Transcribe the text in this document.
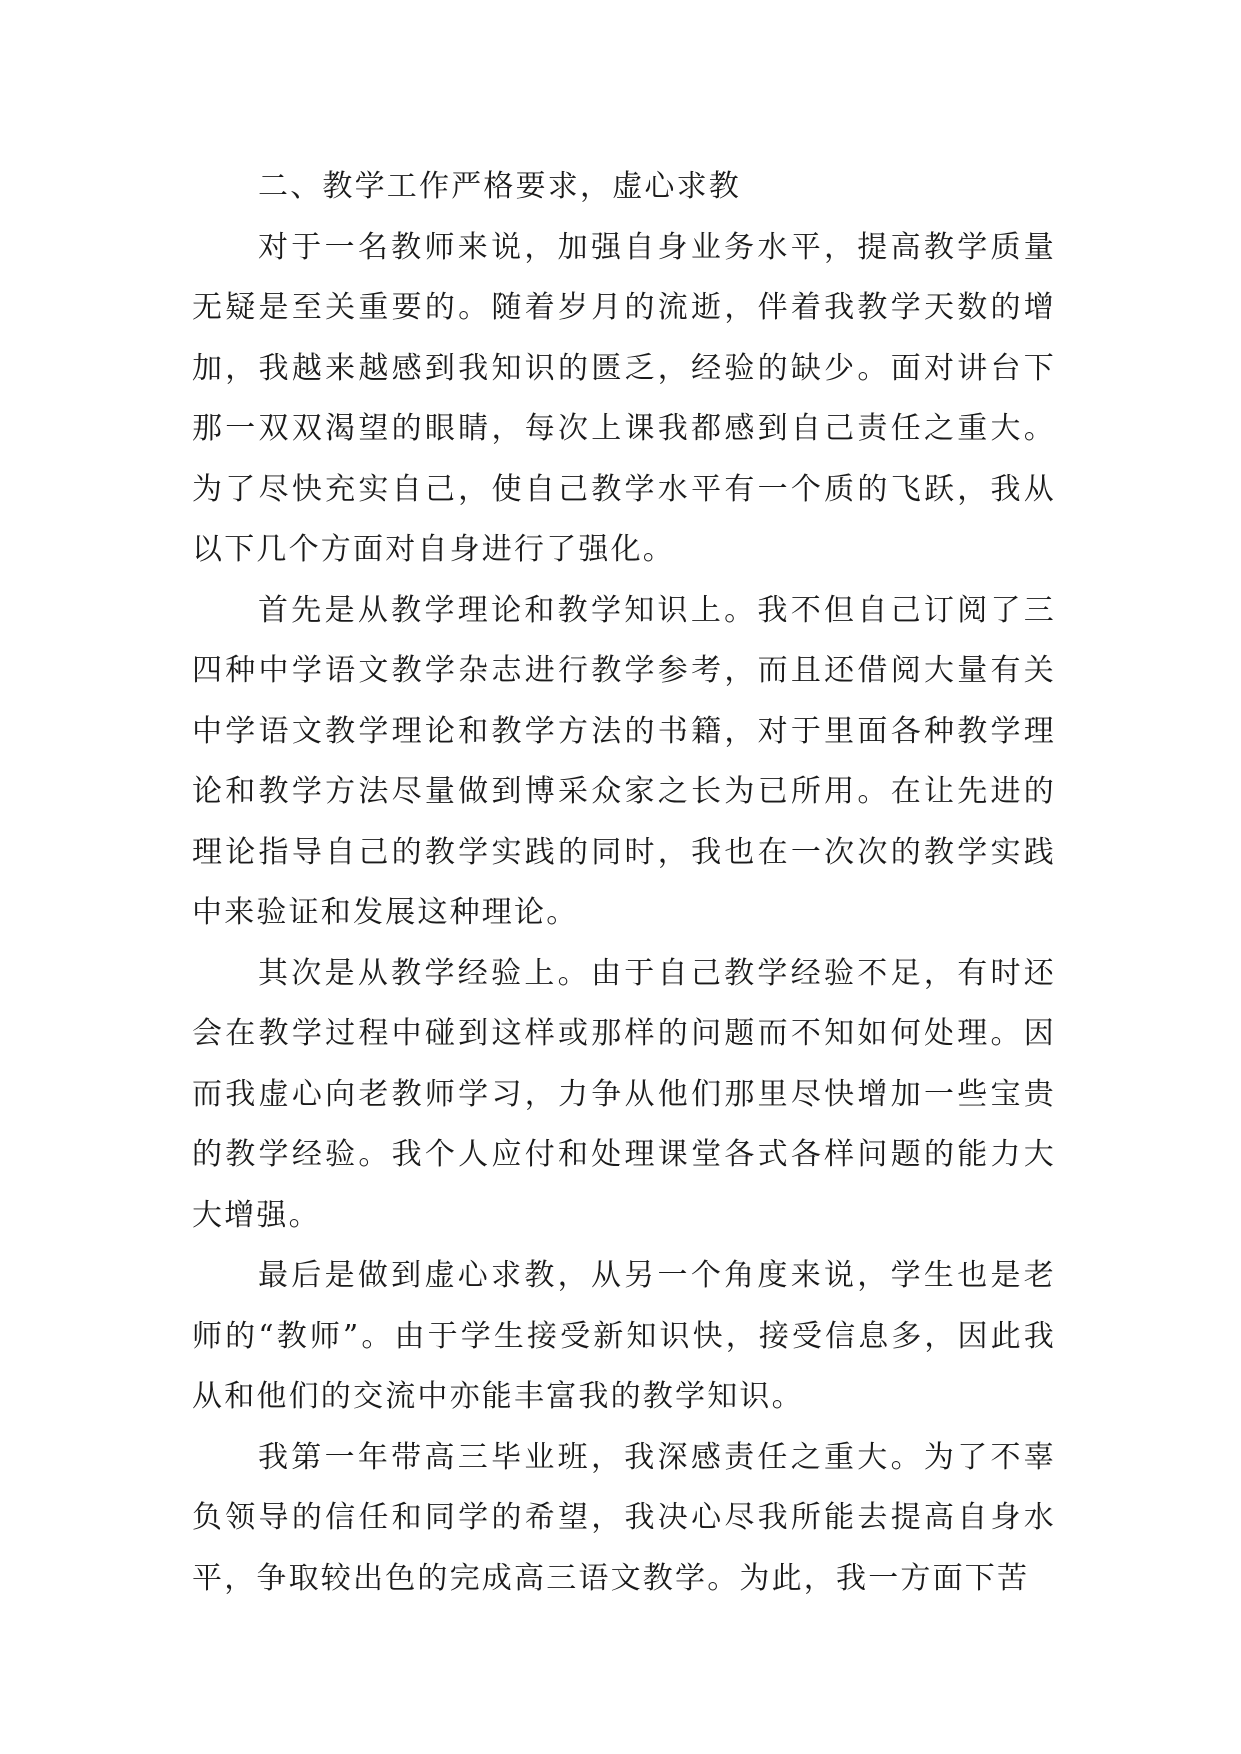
二、教学工作严格要求，虚心求教

对于一名教师来说，加强自身业务水平，提高教学质量无疑是至关重要的。随着岁月的流逝，伴着我教学天数的增加，我越来越感到我知识的匮乏，经验的缺少。面对讲台下那一双双渴望的眼睛，每次上课我都感到自己责任之重大。为了尽快充实自己，使自己教学水平有一个质的飞跃，我从以下几个方面对自身进行了强化。

首先是从教学理论和教学知识上。我不但自己订阅了三四种中学语文教学杂志进行教学参考，而且还借阅大量有关中学语文教学理论和教学方法的书籍，对于里面各种教学理论和教学方法尽量做到博采众家之长为已所用。在让先进的理论指导自己的教学实践的同时，我也在一次次的教学实践中来验证和发展这种理论。

其次是从教学经验上。由于自己教学经验不足，有时还会在教学过程中碰到这样或那样的问题而不知如何处理。因而我虚心向老教师学习，力争从他们那里尽快增加一些宝贵的教学经验。我个人应付和处理课堂各式各样问题的能力大大增强。

最后是做到虚心求教，从另一个角度来说，学生也是老师的“教师”。由于学生接受新知识快，接受信息多，因此我从和他们的交流中亦能丰富我的教学知识。

我第一年带高三毕业班，我深感责任之重大。为了不辜负领导的信任和同学的希望，我决心尽我所能去提高自身水平，争取较出色的完成高三语文教学。为此，我一方面下苦
